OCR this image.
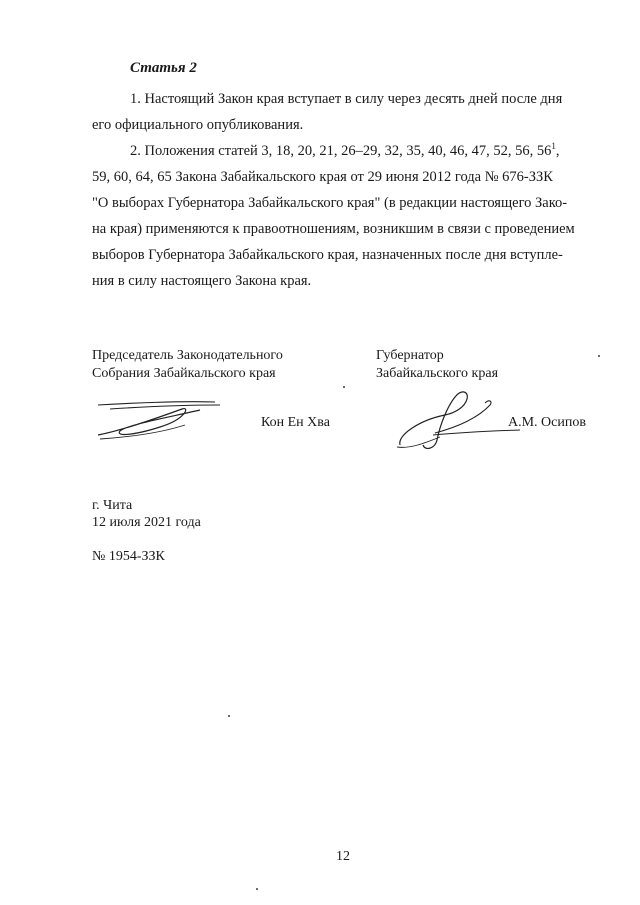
Статья 2
1. Настоящий Закон края вступает в силу через десять дней после дня
его официального опубликования.
2. Положения статей 3, 18, 20, 21, 26–29, 32, 35, 40, 46, 47, 52, 56, $56^1$,
59, 60, 64, 65 Закона Забайкальского края от 29 июня 2012 года № 676-ЗЗК
"О выборах Губернатора Забайкальского края" (в редакции настоящего Зако-
на края) применяются к правоотношениям, возникшим в связи с проведением
выборов Губернатора Забайкальского края, назначенных после дня вступле-
ния в силу настоящего Закона края.
Председатель Законодательного
Собрания Забайкальского края
Кон Ен Хва
Губернатор
Забайкальского края
А.М. Осипов
г. Чита
12 июля 2021 года
№ 1954-ЗЗК
12
